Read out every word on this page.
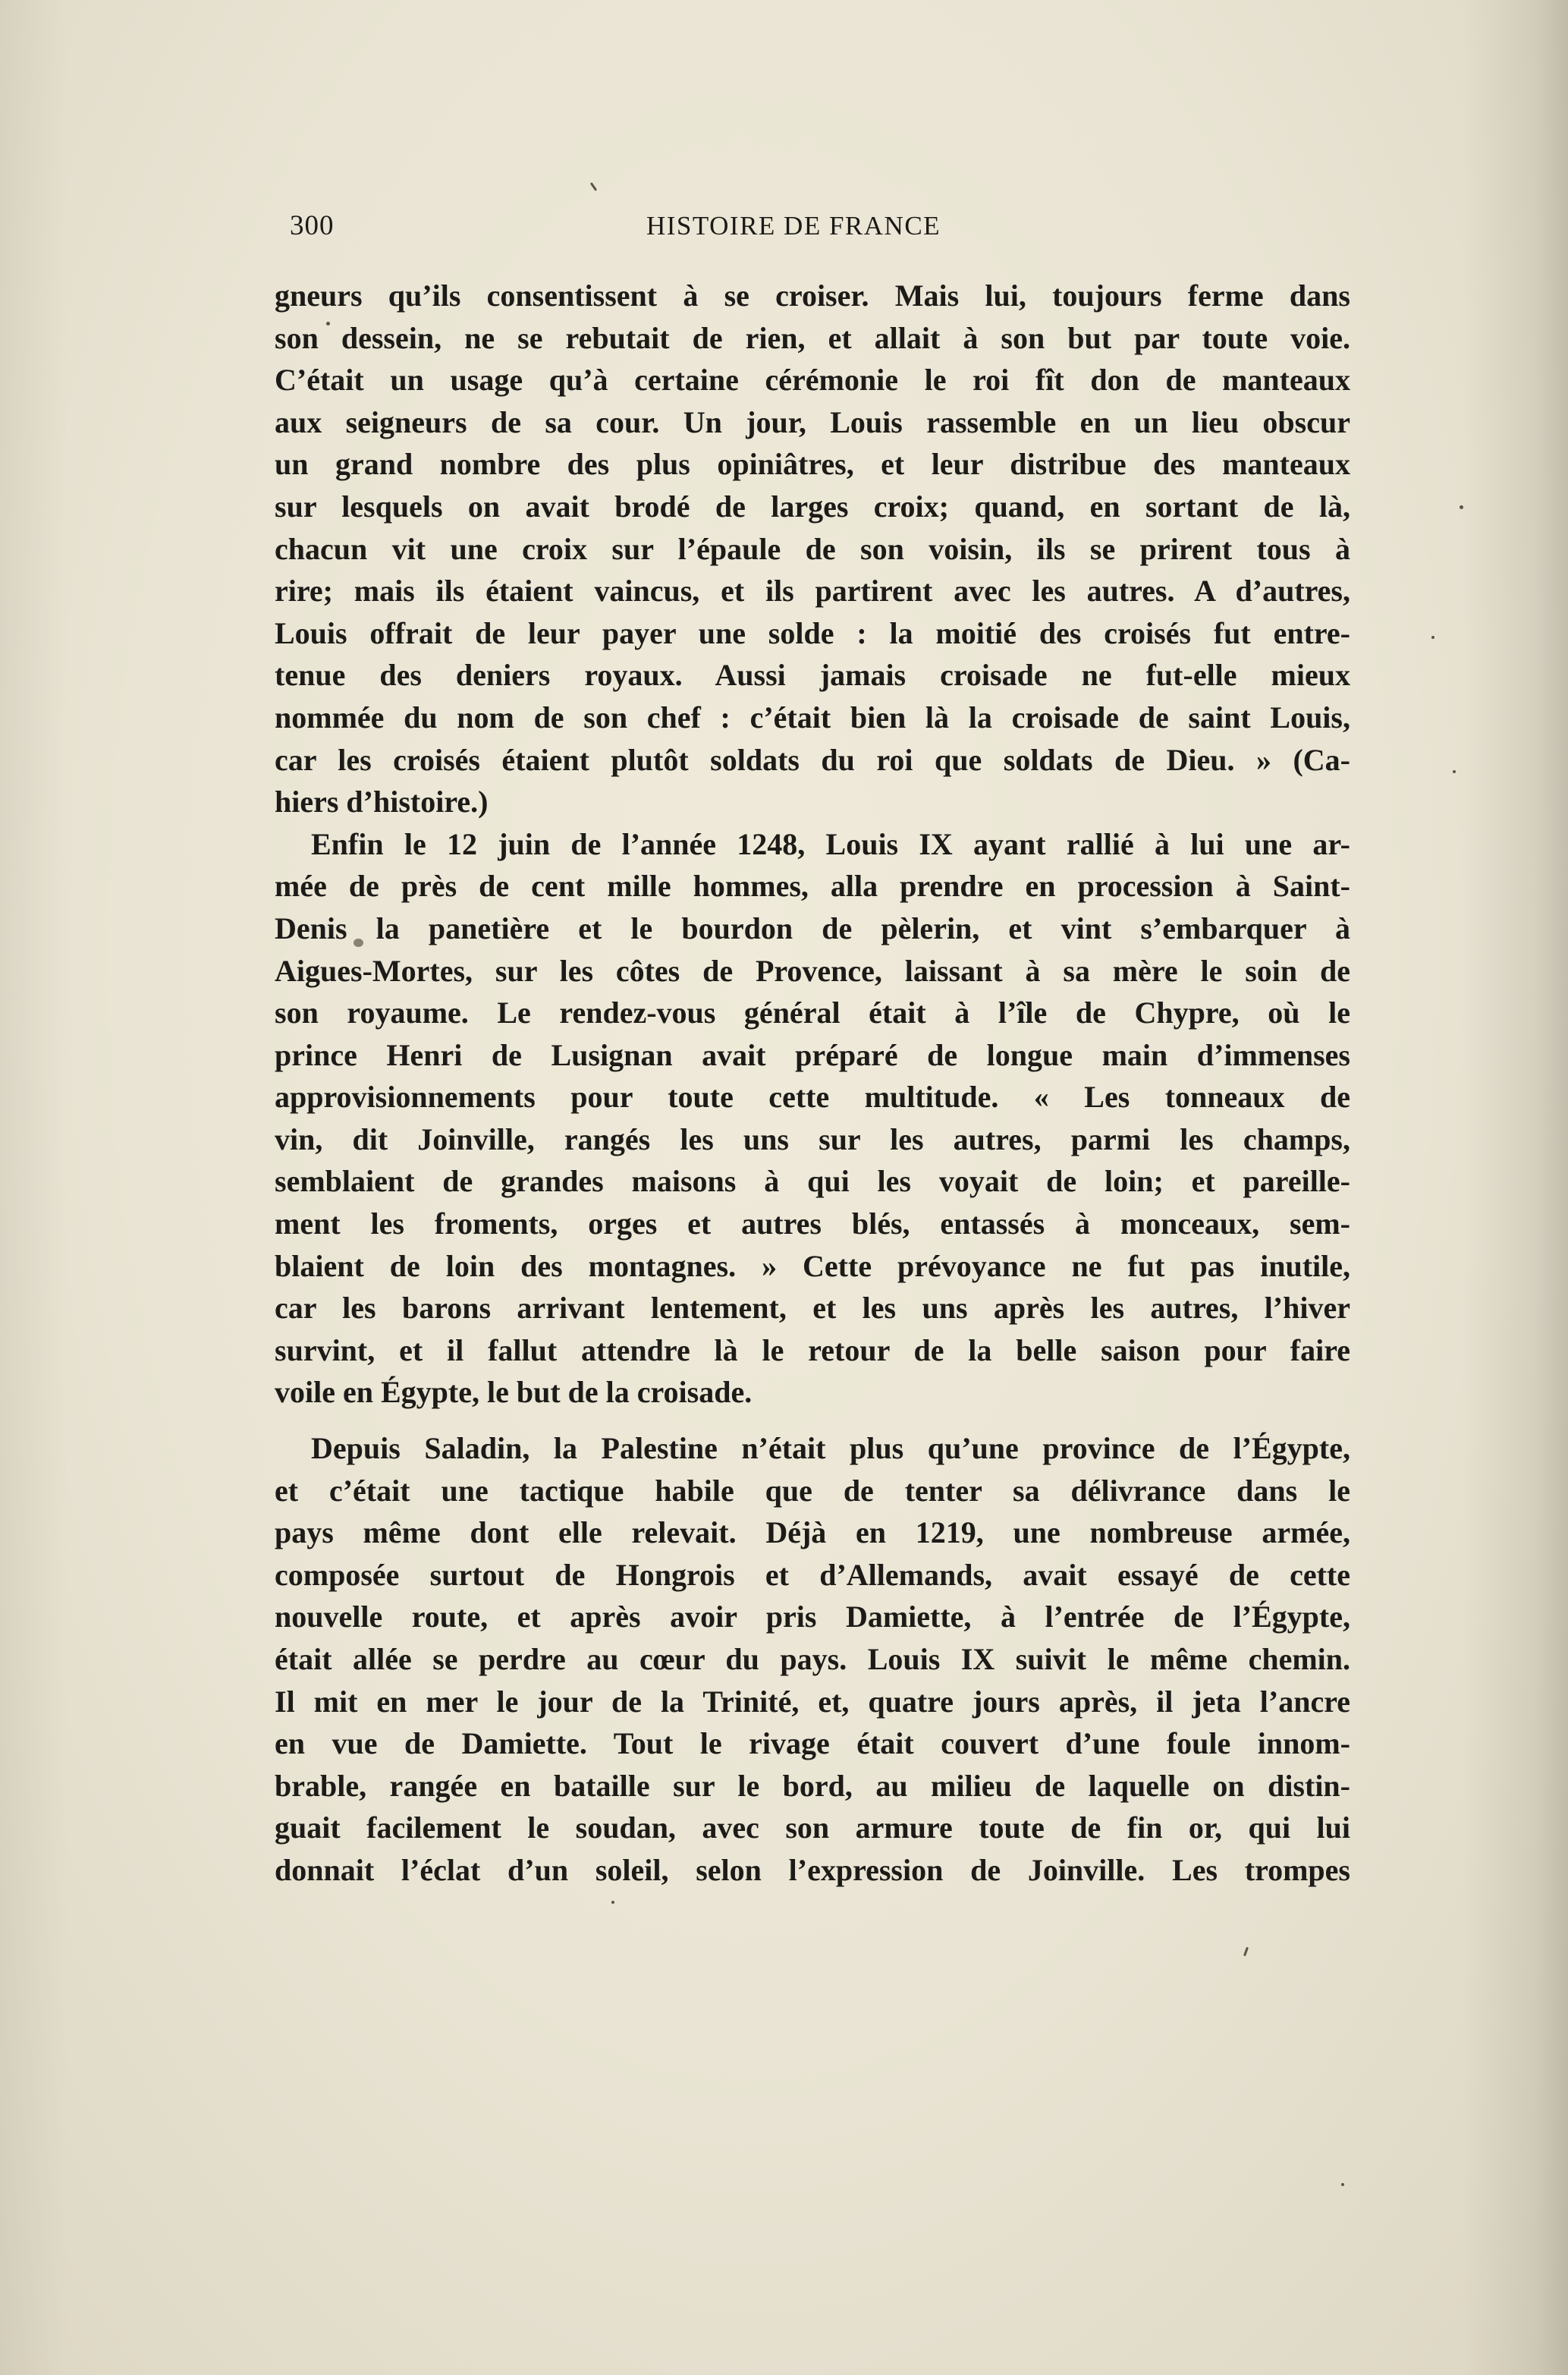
300	HISTOIRE DE FRANCE
gneurs qu’ils consentissent à se croiser. Mais lui, toujours ferme dans
son dessein, ne se rebutait de rien, et allait à son but par toute voie.
C’était un usage qu’à certaine cérémonie le roi fît don de manteaux
aux seigneurs de sa cour. Un jour, Louis rassemble en un lieu obscur
un grand nombre des plus opiniâtres, et leur distribue des manteaux
sur lesquels on avait brodé de larges croix; quand, en sortant de là,
chacun vit une croix sur l’épaule de son voisin, ils se prirent tous à
rire; mais ils étaient vaincus, et ils partirent avec les autres. A d’autres,
Louis offrait de leur payer une solde : la moitié des croisés fut entre-
tenue des deniers royaux. Aussi jamais croisade ne fut-elle mieux
nommée du nom de son chef : c’était bien là la croisade de saint Louis,
car les croisés étaient plutôt soldats du roi que soldats de Dieu. » (Ca-
hiers d’histoire.)
Enfin le 12 juin de l’année 1248, Louis IX ayant rallié à lui une ar-
mée de près de cent mille hommes, alla prendre en procession à Saint-
Denis la panetière et le bourdon de pèlerin, et vint s’embarquer à
Aigues-Mortes, sur les côtes de Provence, laissant à sa mère le soin de
son royaume. Le rendez-vous général était à l’île de Chypre, où le
prince Henri de Lusignan avait préparé de longue main d’immenses
approvisionnements pour toute cette multitude. « Les tonneaux de
vin, dit Joinville, rangés les uns sur les autres, parmi les champs,
semblaient de grandes maisons à qui les voyait de loin; et pareille-
ment les froments, orges et autres blés, entassés à monceaux, sem-
blaient de loin des montagnes. » Cette prévoyance ne fut pas inutile,
car les barons arrivant lentement, et les uns après les autres, l’hiver
survint, et il fallut attendre là le retour de la belle saison pour faire
voile en Égypte, le but de la croisade.
Depuis Saladin, la Palestine n’était plus qu’une province de l’Égypte,
et c’était une tactique habile que de tenter sa délivrance dans le
pays même dont elle relevait. Déjà en 1219, une nombreuse armée,
composée surtout de Hongrois et d’Allemands, avait essayé de cette
nouvelle route, et après avoir pris Damiette, à l’entrée de l’Égypte,
était allée se perdre au cœur du pays. Louis IX suivit le même chemin.
Il mit en mer le jour de la Trinité, et, quatre jours après, il jeta l’ancre
en vue de Damiette. Tout le rivage était couvert d’une foule innom-
brable, rangée en bataille sur le bord, au milieu de laquelle on distin-
guait facilement le soudan, avec son armure toute de fin or, qui lui
donnait l’éclat d’un soleil, selon l’expression de Joinville. Les trompes
